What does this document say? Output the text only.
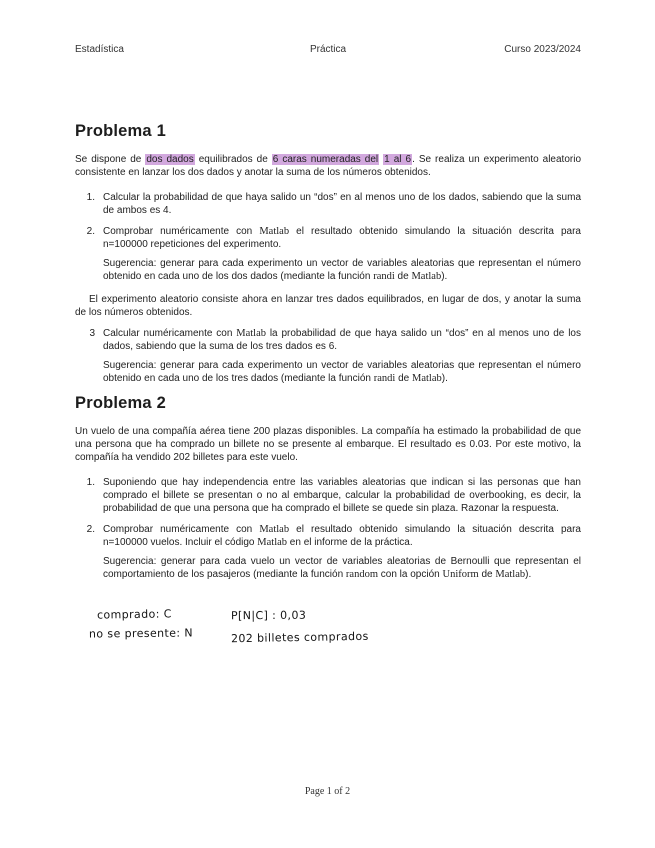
Estadística	Práctica	Curso 2023/2024
Problema 1

Se dispone de dos dados equilibrados de 6 caras numeradas del 1 al 6. Se realiza un experimento aleatorio consistente en lanzar los dos dados y anotar la suma de los números obtenidos.

1. Calcular la probabilidad de que haya salido un “dos” en al menos uno de los dados, sabiendo que la suma de ambos es 4.
2. Comprobar numéricamente con Matlab el resultado obtenido simulando la situación descrita para n=100000 repeticiones del experimento.
Sugerencia: generar para cada experimento un vector de variables aleatorias que representan el número obtenido en cada uno de los dos dados (mediante la función randi de Matlab).

El experimento aleatorio consiste ahora en lanzar tres dados equilibrados, en lugar de dos, y anotar la suma de los números obtenidos.

3 Calcular numéricamente con Matlab la probabilidad de que haya salido un “dos” en al menos uno de los dados, sabiendo que la suma de los tres dados es 6.
Sugerencia: generar para cada experimento un vector de variables aleatorias que representan el número obtenido en cada uno de los tres dados (mediante la función randi de Matlab).
Problema 2

Un vuelo de una compañía aérea tiene 200 plazas disponibles. La compañía ha estimado la probabilidad de que una persona que ha comprado un billete no se presente al embarque. El resultado es 0.03. Por este motivo, la compañía ha vendido 202 billetes para este vuelo.

1. Suponiendo que hay independencia entre las variables aleatorias que indican si las personas que han comprado el billete se presentan o no al embarque, calcular la probabilidad de overbooking, es decir, la probabilidad de que una persona que ha comprado el billete se quede sin plaza. Razonar la respuesta.
2. Comprobar numéricamente con Matlab el resultado obtenido simulando la situación descrita para n=100000 vuelos. Incluir el código Matlab en el informe de la práctica.
Sugerencia: generar para cada vuelo un vector de variables aleatorias de Bernoulli que representan el comportamiento de los pasajeros (mediante la función random con la opción Uniform de Matlab).
comprado: C
no se presente: N
P[N|C] : 0,03
202 billetes comprados
Page 1 of 2
